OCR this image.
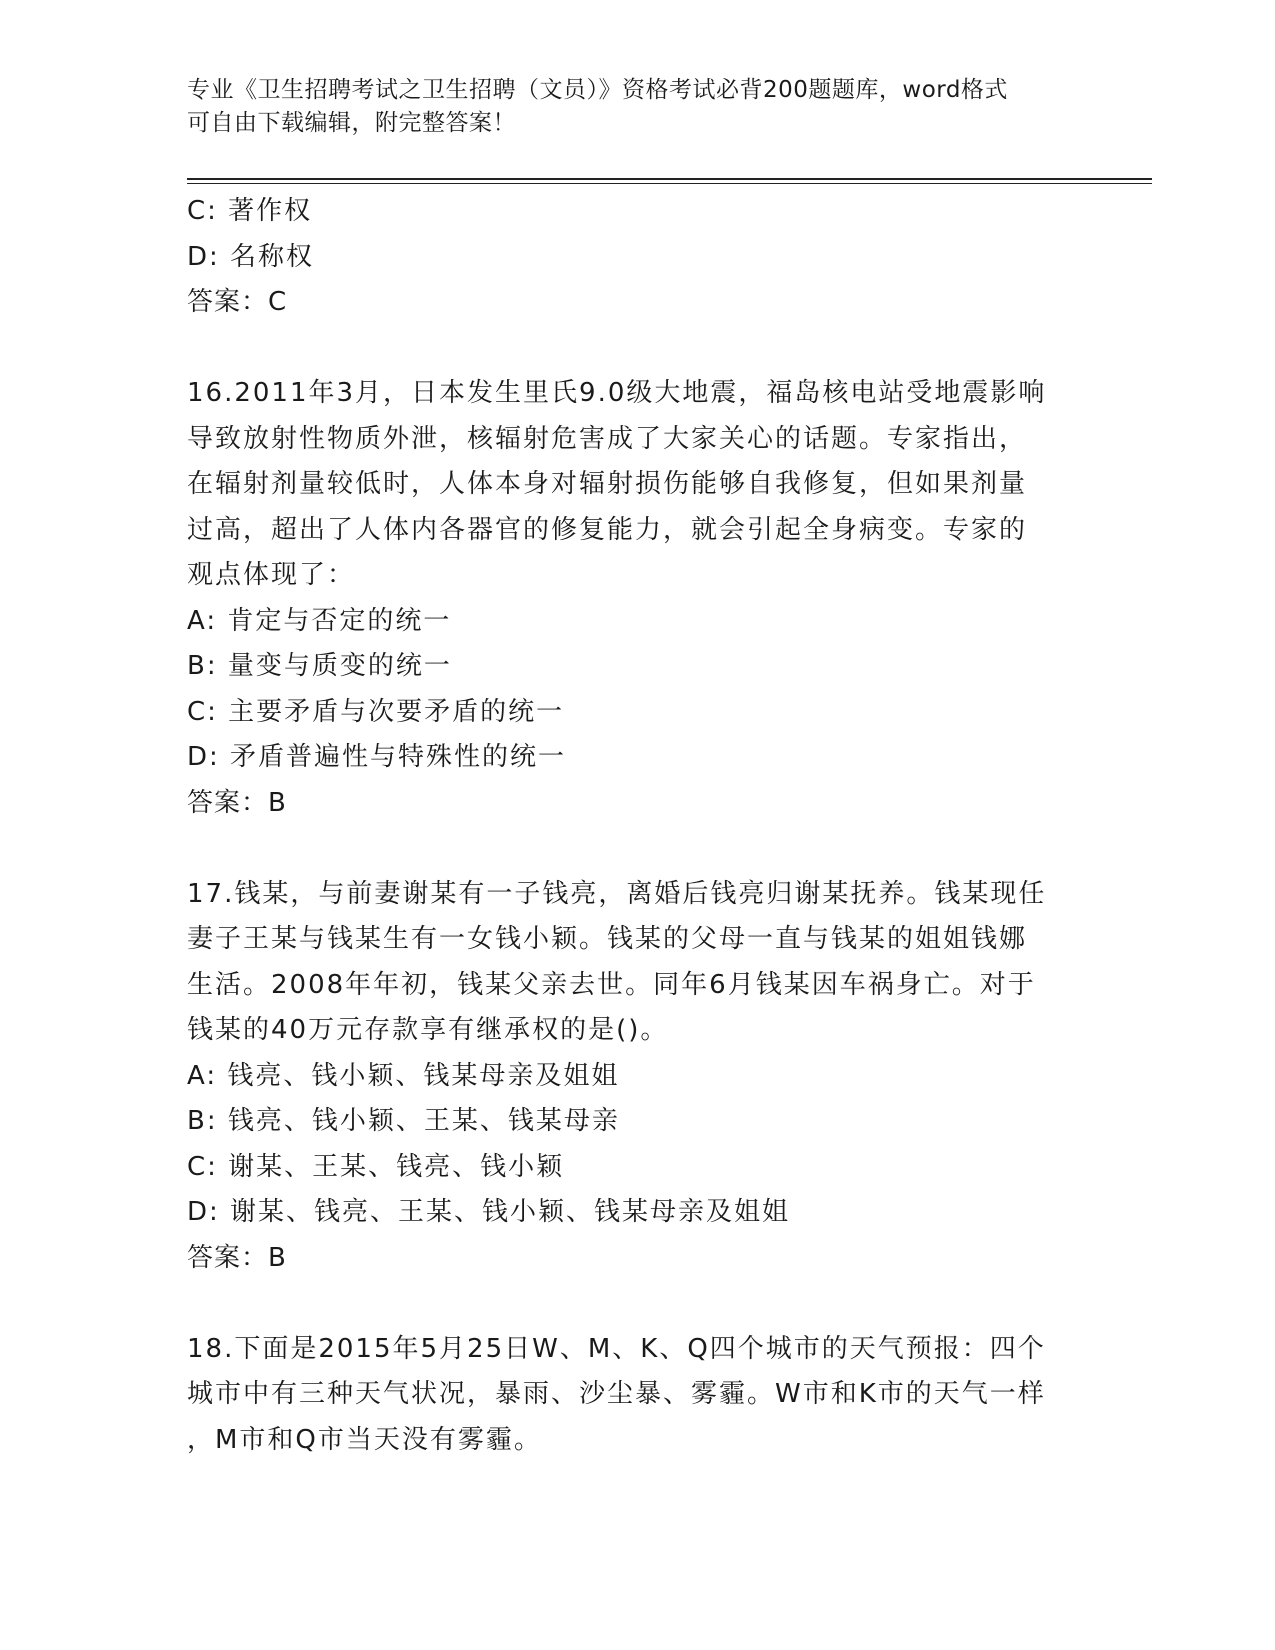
专业《卫生招聘考试之卫生招聘（文员）》资格考试必背200题题库，word格式
可自由下载编辑，附完整答案！

C: 著作权

D: 名称权

答案：C

16.2011年3月，日本发生里氏9.0级大地震，福岛核电站受地震影响

导致放射性物质外泄，核辐射危害成了大家关心的话题。专家指出，

在辐射剂量较低时，人体本身对辐射损伤能够自我修复，但如果剂量

过高，超出了人体内各器官的修复能力，就会引起全身病变。专家的

观点体现了：

A: 肯定与否定的统一

B: 量变与质变的统一

C: 主要矛盾与次要矛盾的统一

D: 矛盾普遍性与特殊性的统一

答案：B

17.钱某，与前妻谢某有一子钱亮，离婚后钱亮归谢某抚养。钱某现任

妻子王某与钱某生有一女钱小颖。钱某的父母一直与钱某的姐姐钱娜

生活。2008年年初，钱某父亲去世。同年6月钱某因车祸身亡。对于

钱某的40万元存款享有继承权的是()。

A: 钱亮、钱小颖、钱某母亲及姐姐

B: 钱亮、钱小颖、王某、钱某母亲

C: 谢某、王某、钱亮、钱小颖

D: 谢某、钱亮、王某、钱小颖、钱某母亲及姐姐

答案：B

18.下面是2015年5月25日W、M、K、Q四个城市的天气预报：四个

城市中有三种天气状况，暴雨、沙尘暴、雾霾。W市和K市的天气一样

，M市和Q市当天没有雾霾。
